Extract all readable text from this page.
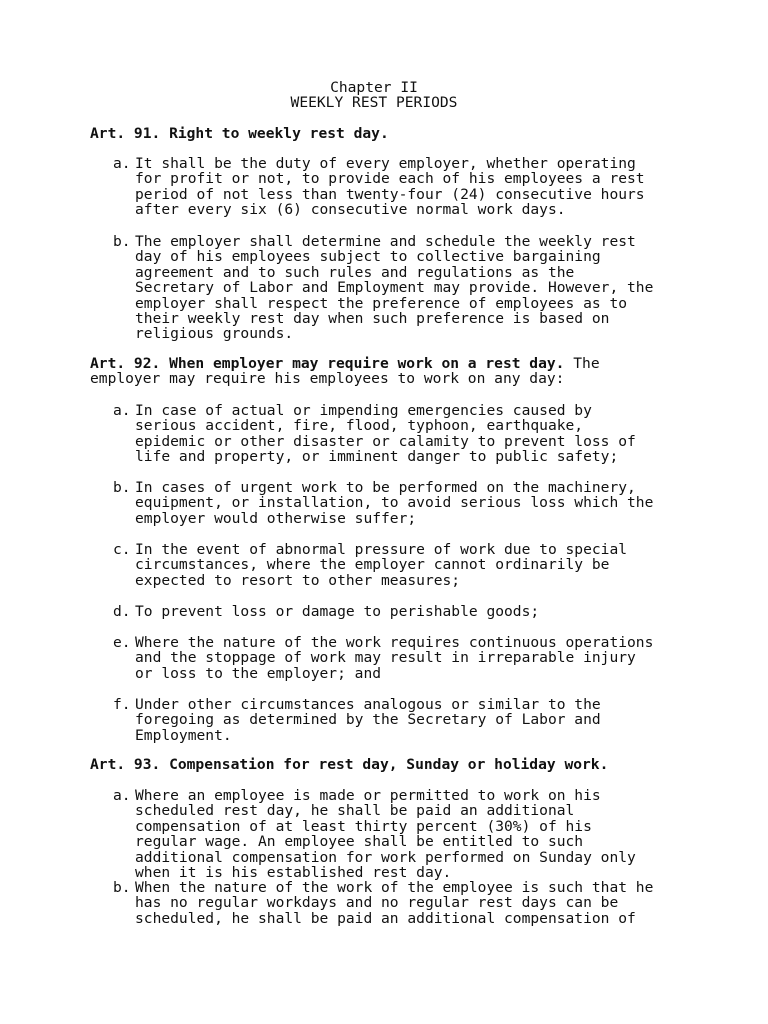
Chapter II
WEEKLY REST PERIODS
Art. 91. Right to weekly rest day.
a. It shall be the duty of every employer, whether operating
for profit or not, to provide each of his employees a rest
period of not less than twenty-four (24) consecutive hours
after every six (6) consecutive normal work days.
b. The employer shall determine and schedule the weekly rest
day of his employees subject to collective bargaining
agreement and to such rules and regulations as the
Secretary of Labor and Employment may provide. However, the
employer shall respect the preference of employees as to
their weekly rest day when such preference is based on
religious grounds.
Art. 92. When employer may require work on a rest day. The
employer may require his employees to work on any day:
a. In case of actual or impending emergencies caused by
serious accident, fire, flood, typhoon, earthquake,
epidemic or other disaster or calamity to prevent loss of
life and property, or imminent danger to public safety;
b. In cases of urgent work to be performed on the machinery,
equipment, or installation, to avoid serious loss which the
employer would otherwise suffer;
c. In the event of abnormal pressure of work due to special
circumstances, where the employer cannot ordinarily be
expected to resort to other measures;
d. To prevent loss or damage to perishable goods;
e. Where the nature of the work requires continuous operations
and the stoppage of work may result in irreparable injury
or loss to the employer; and
f. Under other circumstances analogous or similar to the
foregoing as determined by the Secretary of Labor and
Employment.
Art. 93. Compensation for rest day, Sunday or holiday work.
a. Where an employee is made or permitted to work on his
scheduled rest day, he shall be paid an additional
compensation of at least thirty percent (30%) of his
regular wage. An employee shall be entitled to such
additional compensation for work performed on Sunday only
when it is his established rest day.
b. When the nature of the work of the employee is such that he
has no regular workdays and no regular rest days can be
scheduled, he shall be paid an additional compensation of
